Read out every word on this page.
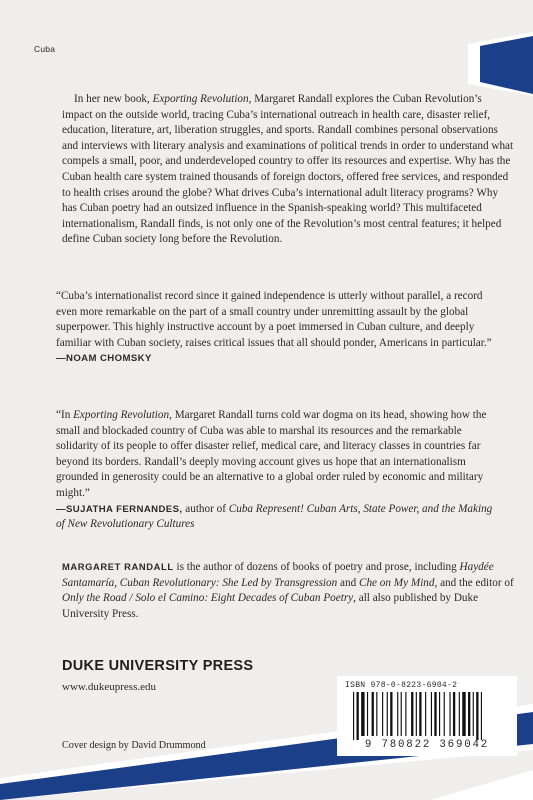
Cuba

In her new book, Exporting Revolution, Margaret Randall explores the Cuban Revolution’s impact on the outside world, tracing Cuba’s international outreach in health care, disaster relief, education, literature, art, liberation struggles, and sports. Randall combines personal observations and interviews with literary analysis and examinations of political trends in order to understand what compels a small, poor, and underdeveloped country to offer its resources and expertise. Why has the Cuban health care system trained thousands of foreign doctors, offered free services, and responded to health crises around the globe? What drives Cuba’s international adult literacy programs? Why has Cuban poetry had an outsized influence in the Spanish-speaking world? This multifaceted internationalism, Randall finds, is not only one of the Revolution’s most central features; it helped define Cuban society long before the Revolution.

“Cuba’s internationalist record since it gained independence is utterly without parallel, a record even more remarkable on the part of a small country under unremitting assault by the global superpower. This highly instructive account by a poet immersed in Cuban culture, and deeply familiar with Cuban society, raises critical issues that all should ponder, Americans in particular.”
—NOAM CHOMSKY

“In Exporting Revolution, Margaret Randall turns cold war dogma on its head, showing how the small and blockaded country of Cuba was able to marshal its resources and the remarkable solidarity of its people to offer disaster relief, medical care, and literacy classes in countries far beyond its borders. Randall’s deeply moving account gives us hope that an internationalism grounded in generosity could be an alternative to a global order ruled by economic and military might.”
—SUJATHA FERNANDES, author of Cuba Represent! Cuban Arts, State Power, and the Making of New Revolutionary Cultures

MARGARET RANDALL is the author of dozens of books of poetry and prose, including Haydée Santamaría, Cuban Revolutionary: She Led by Transgression and Che on My Mind, and the editor of Only the Road / Solo el Camino: Eight Decades of Cuban Poetry, all also published by Duke University Press.

DUKE UNIVERSITY PRESS
www.dukeupress.edu
Cover design by David Drummond
ISBN 978-0-8223-6904-2
9 780822 369042
